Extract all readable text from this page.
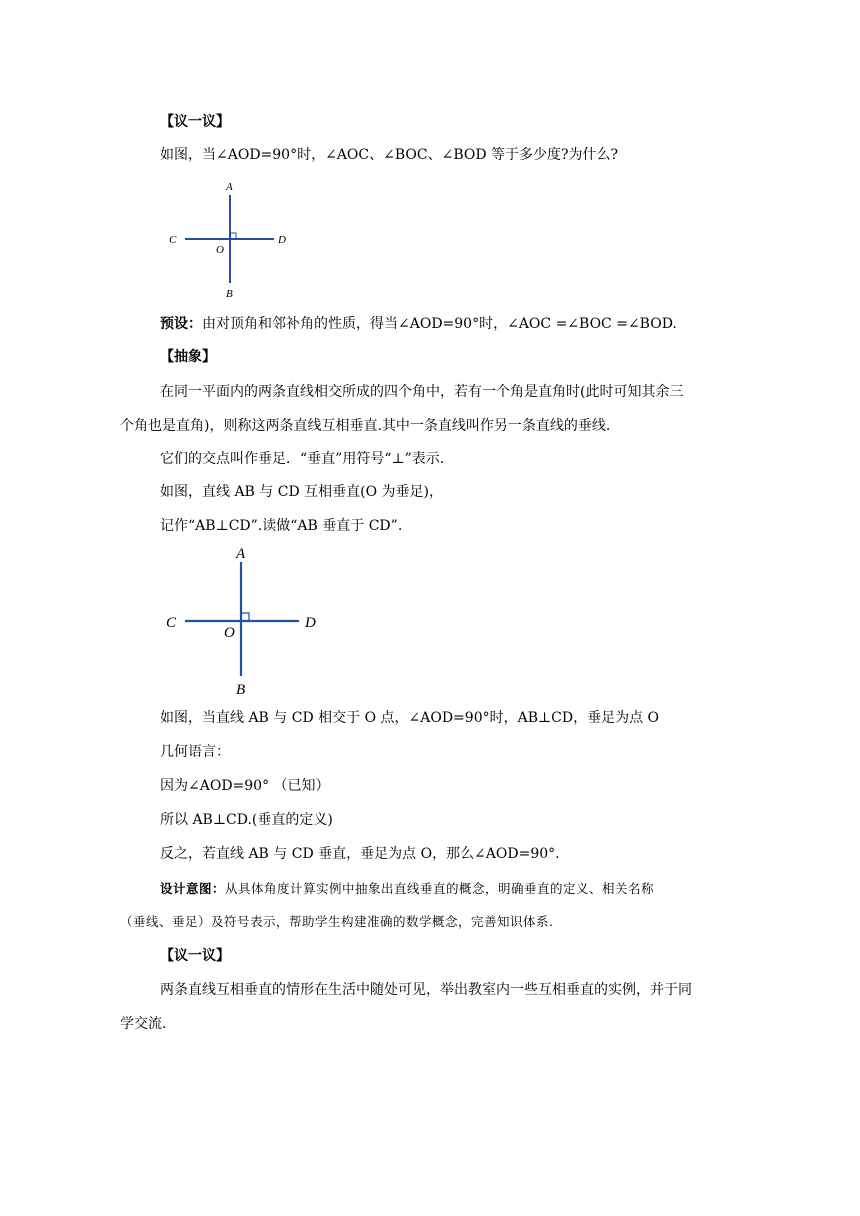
【议一议】
如图，当∠AOD=90°时，∠AOC、∠BOC、∠BOD 等于多少度?为什么?
A
B
C	D
O
预设：由对顶角和邻补角的性质，得当∠AOD=90°时，∠AOC =∠BOC =∠BOD.
【抽象】
在同一平面内的两条直线相交所成的四个角中，若有一个角是直角时(此时可知其余三
个角也是直角)，则称这两条直线互相垂直.其中一条直线叫作另一条直线的垂线.
它们的交点叫作垂足．“垂直”用符号“⊥”表示.
如图，直线 AB 与 CD 互相垂直(O 为垂足)，
记作“AB⊥CD”.读做“AB 垂直于 CD”.
A
B
C	D
O
如图，当直线 AB 与 CD 相交于 O 点，∠AOD=90°时，AB⊥CD，垂足为点 O
几何语言：
因为∠AOD=90° （已知）
所以 AB⊥CD.(垂直的定义)
反之，若直线 AB 与 CD 垂直，垂足为点 O，那么∠AOD=90°.
设计意图：从具体角度计算实例中抽象出直线垂直的概念，明确垂直的定义、相关名称
（垂线、垂足）及符号表示，帮助学生构建准确的数学概念，完善知识体系.
【议一议】
两条直线互相垂直的情形在生活中随处可见，举出教室内一些互相垂直的实例，并于同
学交流.
